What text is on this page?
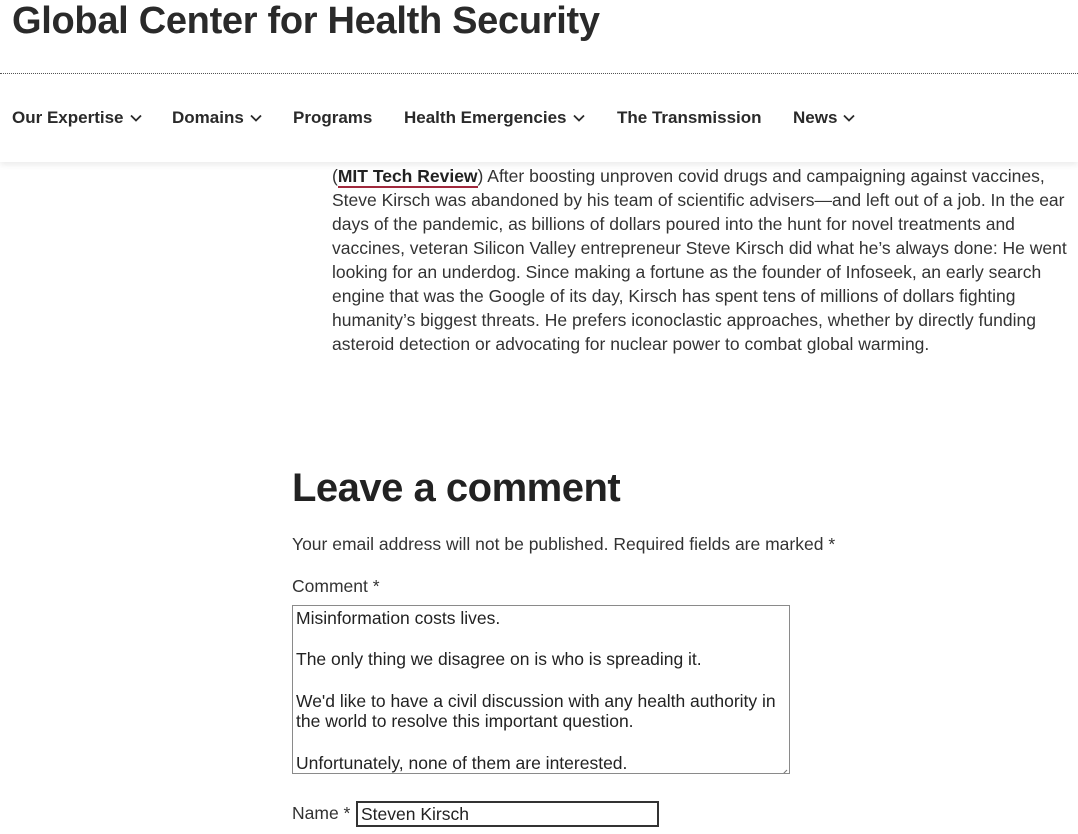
Global Center for Health Security
Our Expertise	Domains	Programs Health Emergencies	The Transmission News
(MIT Tech Review) After boosting unproven covid drugs and campaigning against vaccines,
Steve Kirsch was abandoned by his team of scientific advisers—and left out of a job. In the ear
days of the pandemic, as billions of dollars poured into the hunt for novel treatments and
vaccines, veteran Silicon Valley entrepreneur Steve Kirsch did what he’s always done: He went
looking for an underdog. Since making a fortune as the founder of Infoseek, an early search
engine that was the Google of its day, Kirsch has spent tens of millions of dollars fighting
humanity’s biggest threats. He prefers iconoclastic approaches, whether by directly funding
asteroid detection or advocating for nuclear power to combat global warming.
Leave a comment
Your email address will not be published. Required fields are marked *
Comment *
Misinformation costs lives.
The only thing we disagree on is who is spreading it.
We'd like to have a civil discussion with any health authority in
the world to resolve this important question.
Unfortunately, none of them are interested.
Name * Steven Kirsch
